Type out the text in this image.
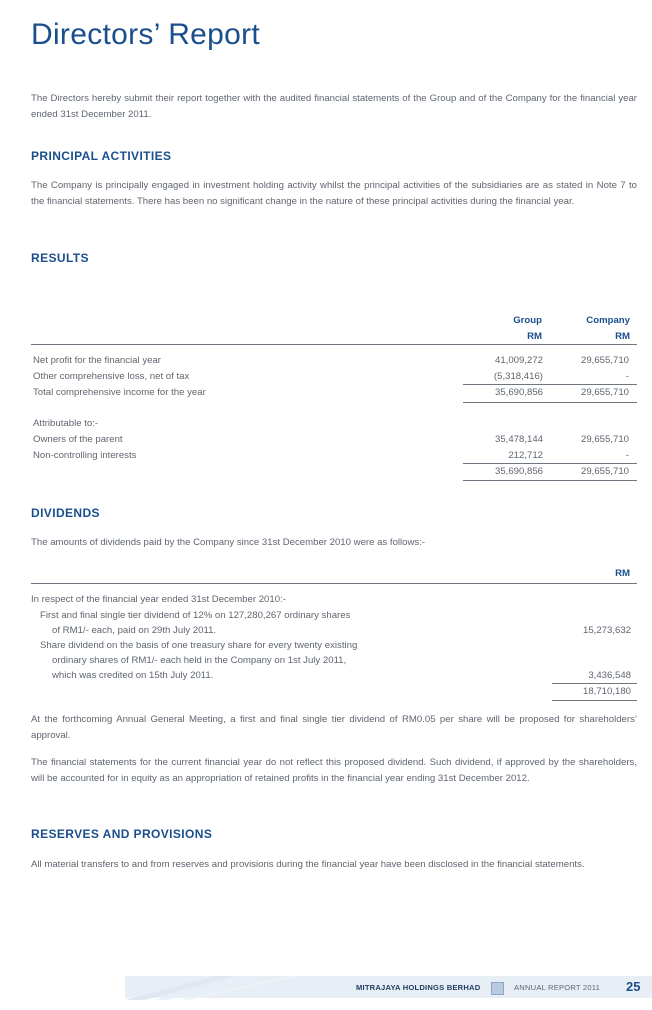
Directors’ Report

The Directors hereby submit their report together with the audited financial statements of the Group and of the Company for the financial year ended 31st December 2011.

PRINCIPAL ACTIVITIES

The Company is principally engaged in investment holding activity whilst the principal activities of the subsidiaries are as stated in Note 7 to the financial statements. There has been no significant change in the nature of these principal activities during the financial year.

RESULTS
Group	Company
RM	RM
Net profit for the financial year	41,009,272	29,655,710
Other comprehensive loss, net of tax	(5,318,416)	-
Total comprehensive income for the year	35,690,856	29,655,710
Attributable to:-
Owners of the parent	35,478,144	29,655,710
Non-controlling interests	212,712	-
35,690,856	29,655,710
DIVIDENDS

The amounts of dividends paid by the Company since 31st December 2010 were as follows:-

RM
In respect of the financial year ended 31st December 2010:-
First and final single tier dividend of 12% on 127,280,267 ordinary shares
of RM1/- each, paid on 29th July 2011.	15,273,632
Share dividend on the basis of one treasury share for every twenty existing
ordinary shares of RM1/- each held in the Company on 1st July 2011,
which was credited on 15th July 2011.	3,436,548
18,710,180

At the forthcoming Annual General Meeting, a first and final single tier dividend of RM0.05 per share will be proposed for shareholders’ approval.

The financial statements for the current financial year do not reflect this proposed dividend. Such dividend, if approved by the shareholders, will be accounted for in equity as an appropriation of retained profits in the financial year ending 31st December 2012.

RESERVES AND PROVISIONS

All material transfers to and from reserves and provisions during the financial year have been disclosed in the financial statements.

MITRAJAYA HOLDINGS BERHAD	ANNUAL REPORT 2011 25
